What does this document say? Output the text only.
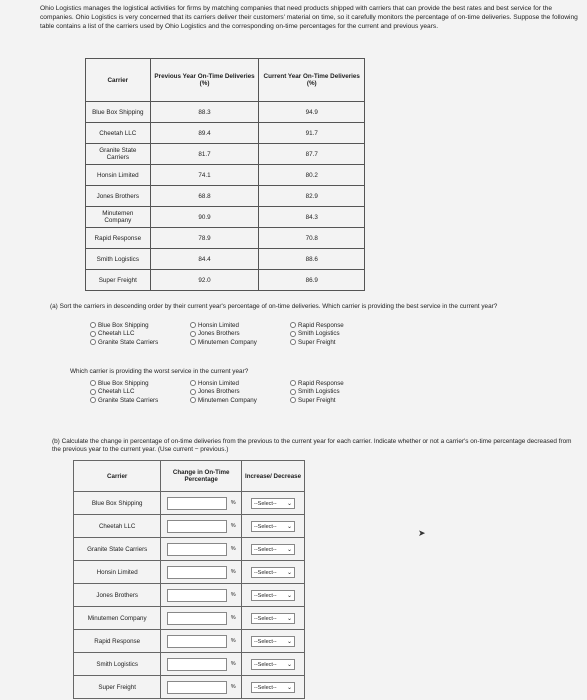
Ohio Logistics manages the logistical activities for firms by matching companies that need products shipped with carriers that can provide the best rates and best service for the companies. Ohio Logistics is very concerned that its carriers deliver their customers' material on time, so it carefully monitors the percentage of on-time deliveries. Suppose the following table contains a list of the carriers used by Ohio Logistics and the corresponding on-time percentages for the current and previous years.
Carrier	Previous Year On-Time Deliveries (%)	Current Year On-Time Deliveries (%)
Blue Box Shipping	88.3	94.9
Cheetah LLC	89.4	91.7
Granite State Carriers	81.7	87.7
Honsin Limited	74.1	80.2
Jones Brothers	68.8	82.9
Minutemen Company	90.9	84.3
Rapid Response	78.9	70.8
Smith Logistics	84.4	88.6
Super Freight	92.0	86.9
(a) Sort the carriers in descending order by their current year's percentage of on-time deliveries. Which carrier is providing the best service in the current year?
Blue Box Shipping	Honsin Limited	Rapid Response
Cheetah LLC	Jones Brothers	Smith Logistics
Granite State Carriers	Minutemen Company	Super Freight
Which carrier is providing the worst service in the current year?
Blue Box Shipping	Honsin Limited	Rapid Response
Cheetah LLC	Jones Brothers	Smith Logistics
Granite State Carriers	Minutemen Company	Super Freight
(b) Calculate the change in percentage of on-time deliveries from the previous to the current year for each carrier. Indicate whether or not a carrier's on-time percentage decreased from the previous year to the current year. (Use current − previous.)
Carrier	Change in On-Time Percentage	Increase/ Decrease
Blue Box Shipping	%	--Select-- ⌄

Cheetah LLC	%	--Select-- ⌄

Granite State Carriers	%	--Select-- ⌄

Honsin Limited	%	--Select-- ⌄

Jones Brothers	%	--Select-- ⌄

Minutemen Company	%	--Select-- ⌄

Rapid Response	%	--Select-- ⌄

Smith Logistics	%	--Select-- ⌄

Super Freight	%	--Select-- ⌄
➤
